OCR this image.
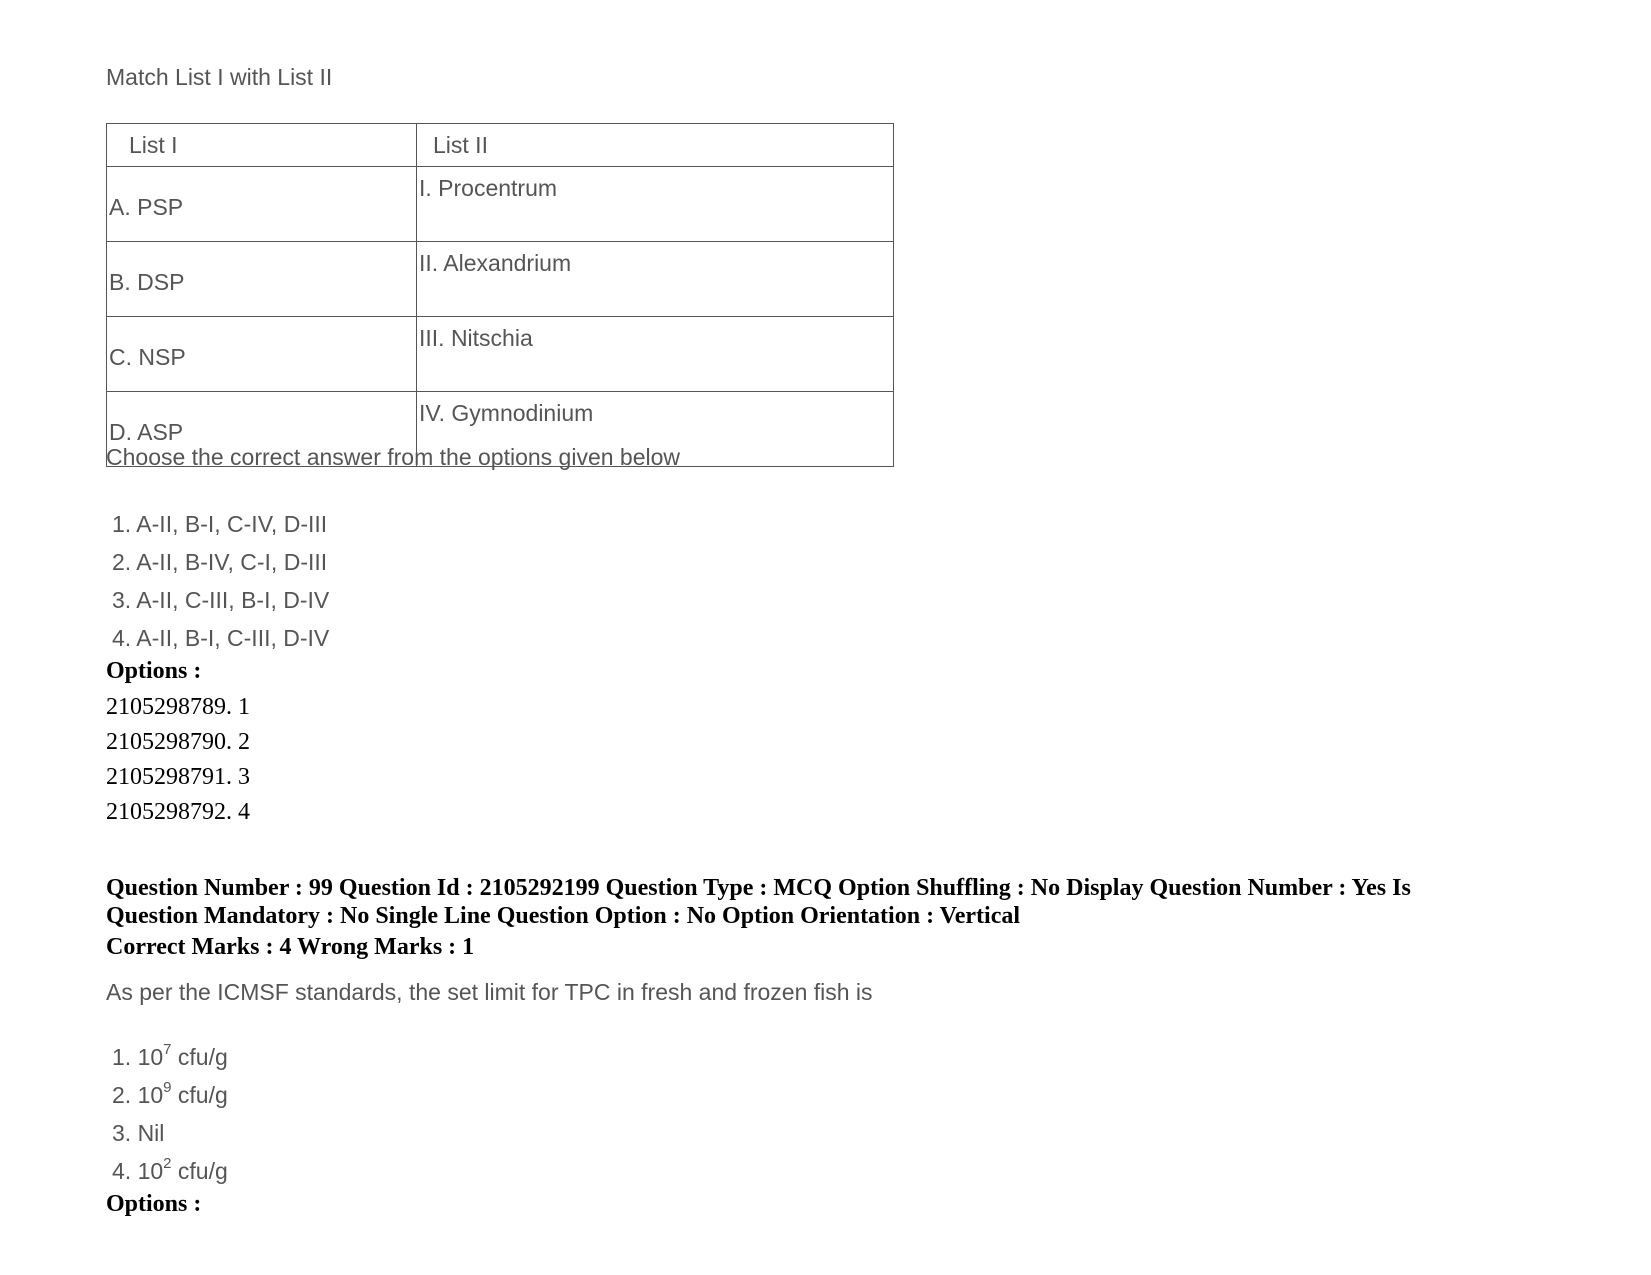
Match List I with List II
List I	List II
A. PSP	I. Procentrum
B. DSP	II. Alexandrium
C. NSP	III. Nitschia
D. ASP	IV. Gymnodinium
Choose the correct answer from the options given below
1. A-II, B-I, C-IV, D-III
2. A-II, B-IV, C-I, D-III
3. A-II, C-III, B-I, D-IV
4. A-II, B-I, C-III, D-IV
Options :
2105298789. 1
2105298790. 2
2105298791. 3
2105298792. 4
Question Number : 99 Question Id : 2105292199 Question Type : MCQ Option Shuffling : No Display Question Number : Yes Is
Question Mandatory : No Single Line Question Option : No Option Orientation : Vertical
Correct Marks : 4 Wrong Marks : 1
As per the ICMSF standards, the set limit for TPC in fresh and frozen fish is
1. $10^7$ cfu/g
2. $10^9$ cfu/g
3. Nil
4. $10^2$ cfu/g
Options :
